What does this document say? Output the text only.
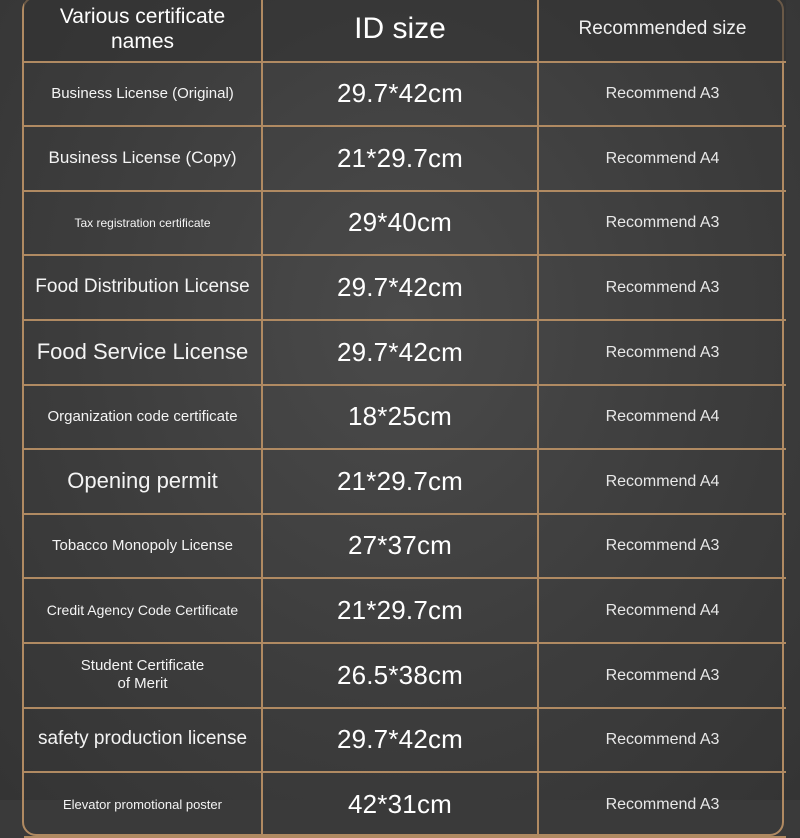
Various certificate names	ID size	Recommended size
Business License (Original)	29.7*42cm	Recommend A3
Business License (Copy)	21*29.7cm	Recommend A4
Tax registration certificate	29*40cm	Recommend A3
Food Distribution License	29.7*42cm	Recommend A3
Food Service License	29.7*42cm	Recommend A3
Organization code certificate	18*25cm	Recommend A4
Opening permit	21*29.7cm	Recommend A4
Tobacco Monopoly License	27*37cm	Recommend A3
Credit Agency Code Certificate	21*29.7cm	Recommend A4
Student Certificate
of Merit	26.5*38cm	Recommend A3
safety production license	29.7*42cm	Recommend A3
Elevator promotional poster	42*31cm	Recommend A3
